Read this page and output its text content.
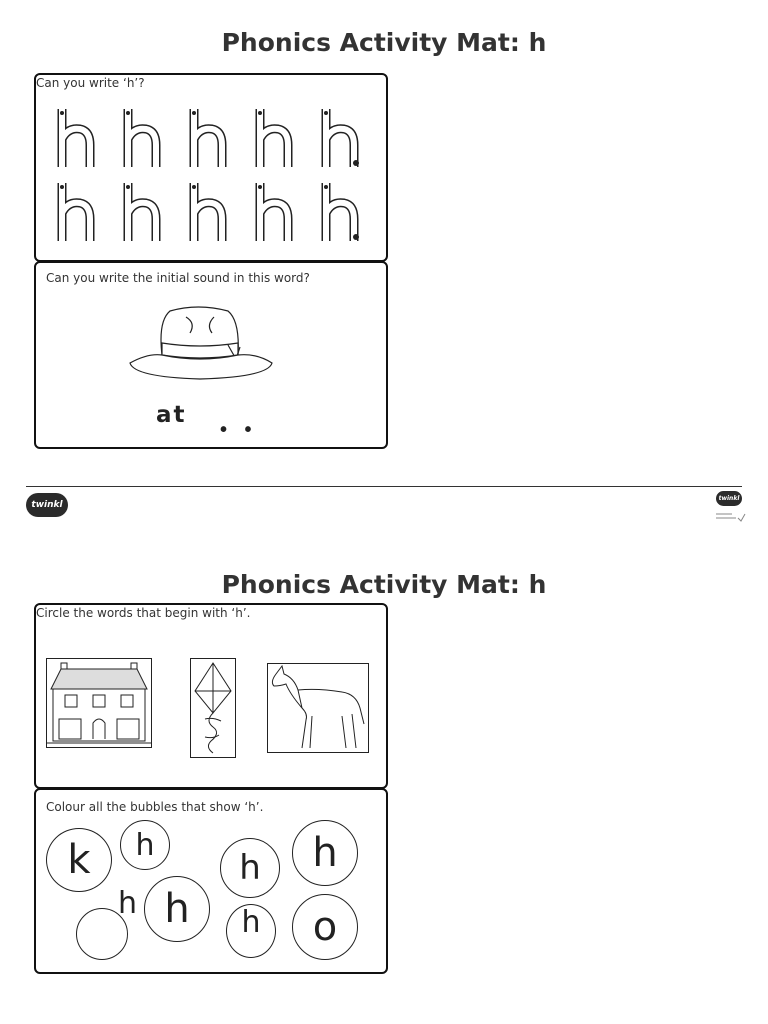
Phonics Activity Mat: h
Can you write ‘h’?
Can you write the initial sound in this word?
at
• •
twinkl
twinkl
Phonics Activity Mat: h
Circle the words that begin with ‘h’.
Colour all the bubbles that show ‘h’.
k	h
h	h
h	h	o
h
